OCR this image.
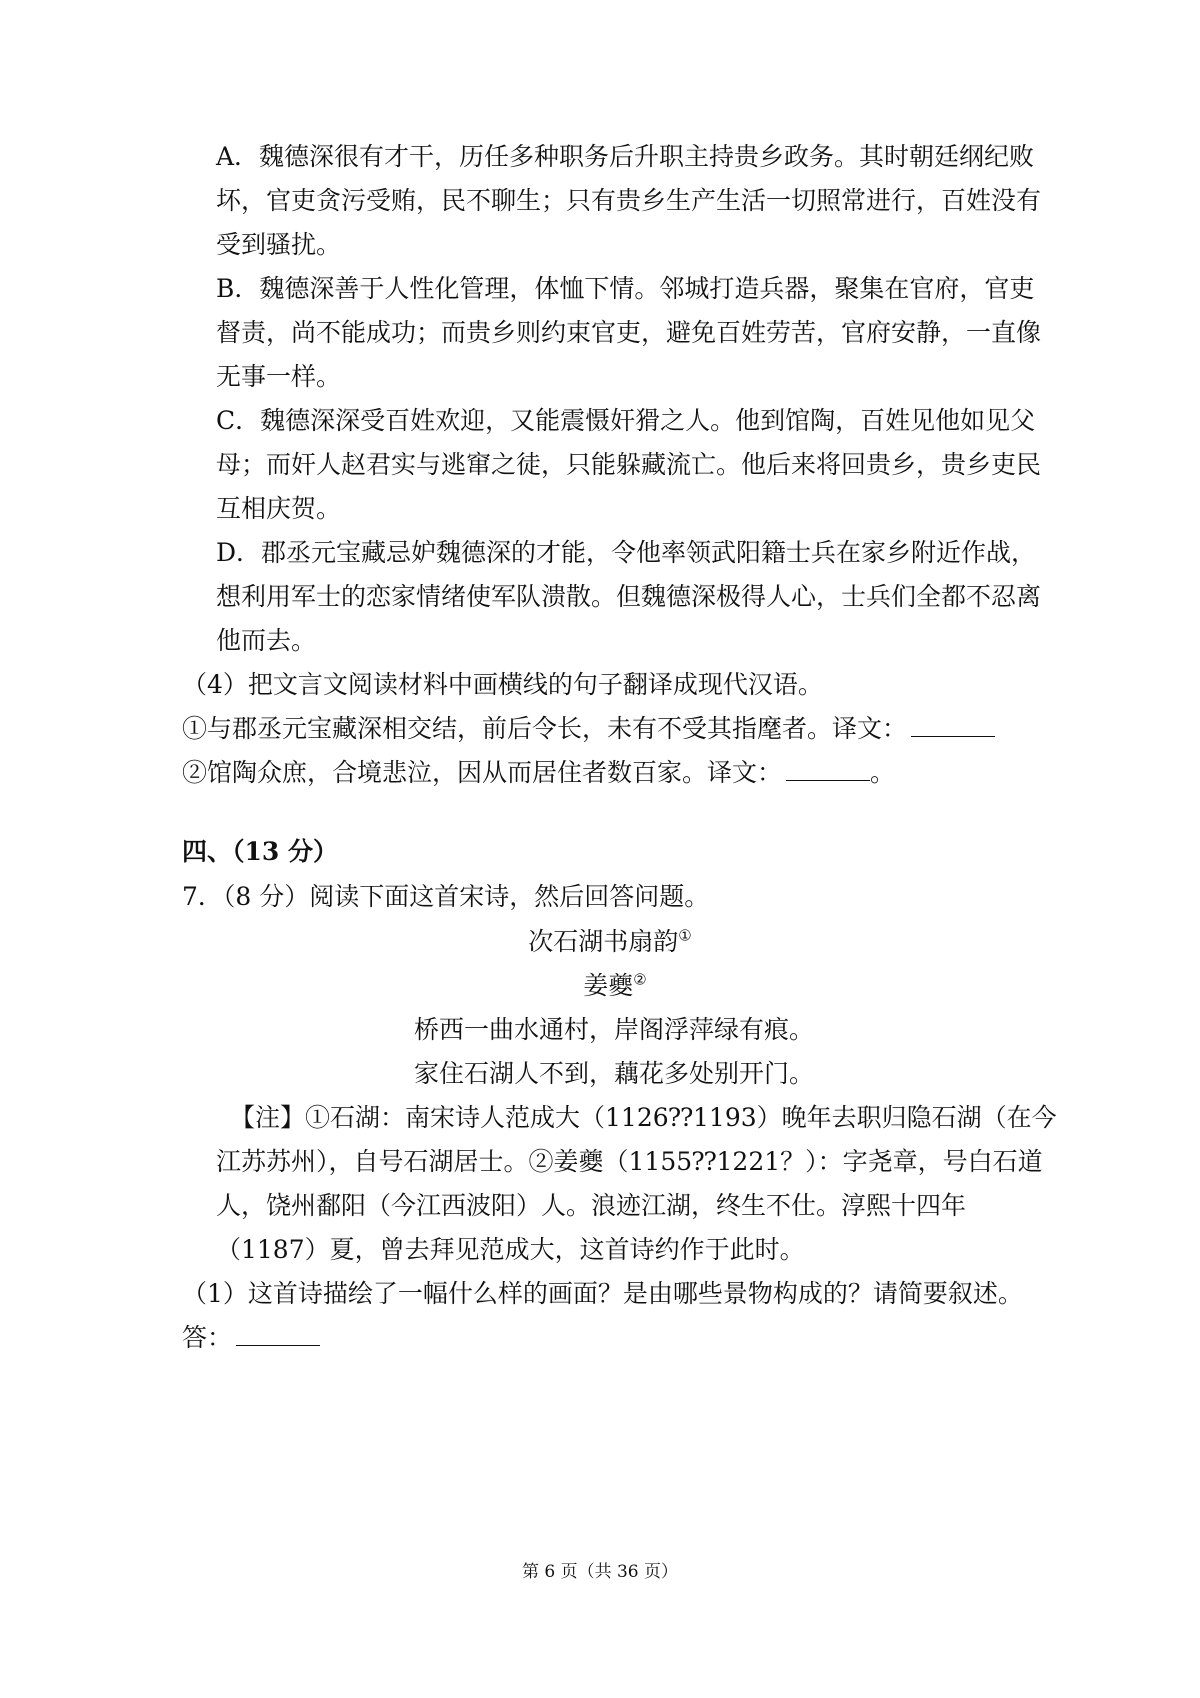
A．魏德深很有才干，历任多种职务后升职主持贵乡政务。其时朝廷纲纪败
坏，官吏贪污受贿，民不聊生；只有贵乡生产生活一切照常进行，百姓没有
受到骚扰。
B．魏德深善于人性化管理，体恤下情。邻城打造兵器，聚集在官府，官吏
督责，尚不能成功；而贵乡则约束官吏，避免百姓劳苦，官府安静，一直像
无事一样。
C．魏德深深受百姓欢迎，又能震慑奸猾之人。他到馆陶，百姓见他如见父
母；而奸人赵君实与逃窜之徒，只能躲藏流亡。他后来将回贵乡，贵乡吏民
互相庆贺。
D．郡丞元宝藏忌妒魏德深的才能，令他率领武阳籍士兵在家乡附近作战，
想利用军士的恋家情绪使军队溃散。但魏德深极得人心，士兵们全都不忍离
他而去。
（4）把文言文阅读材料中画横线的句子翻译成现代汉语。
①与郡丞元宝藏深相交结，前后令长，未有不受其指麾者。译文：
②馆陶众庶，合境悲泣，因从而居住者数百家。译文：	。
四、（13 分）
7．（8 分）阅读下面这首宋诗，然后回答问题。
次石湖书扇韵①
姜夔②
桥西一曲水通村，岸阁浮萍绿有痕。
家住石湖人不到，藕花多处别开门。
【注】①石湖：南宋诗人范成大（1126⁇1193）晚年去职归隐石湖（在今
江苏苏州），自号石湖居士。②姜夔（1155⁇1221？）：字尧章，号白石道
人，饶州鄱阳（今江西波阳）人。浪迹江湖，终生不仕。淳熙十四年
（1187）夏，曾去拜见范成大，这首诗约作于此时。
（1）这首诗描绘了一幅什么样的画面？是由哪些景物构成的？请简要叙述。
答：
第 6 页（共 36 页）
